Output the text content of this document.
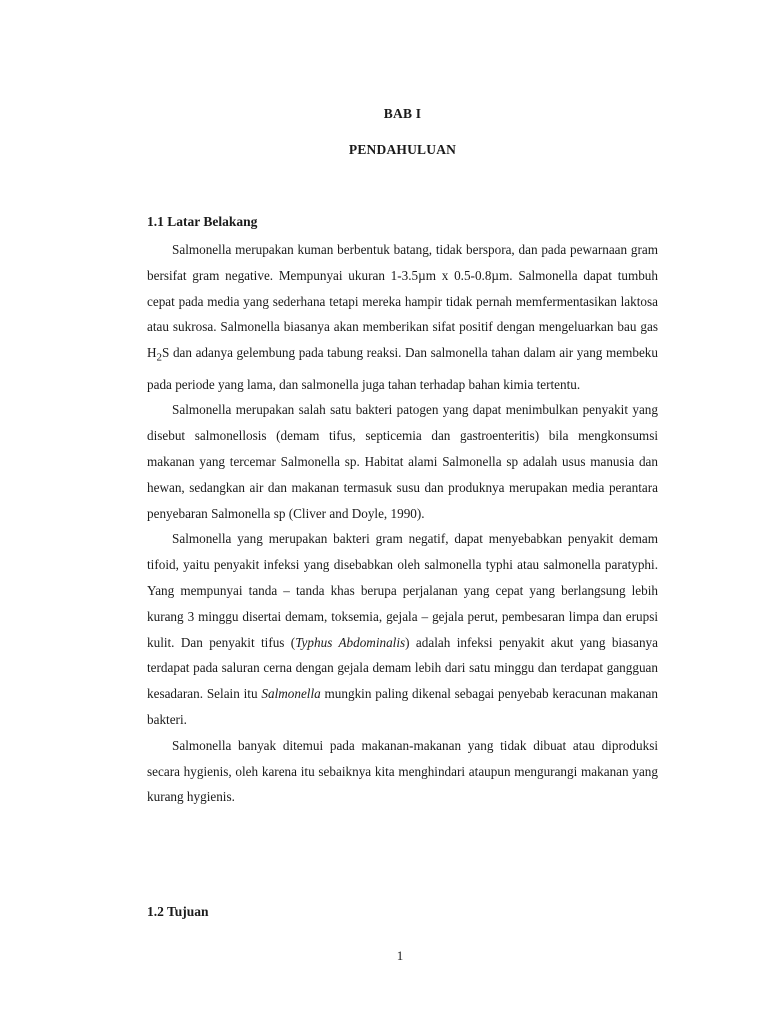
BAB I
PENDAHULUAN
1.1 Latar Belakang

Salmonella merupakan kuman berbentuk batang, tidak berspora, dan pada pewarnaan gram bersifat gram negative. Mempunyai ukuran 1-3.5µm x 0.5-0.8µm. Salmonella dapat tumbuh cepat pada media yang sederhana tetapi mereka hampir tidak pernah memfermentasikan laktosa atau sukrosa. Salmonella biasanya akan memberikan sifat positif dengan mengeluarkan bau gas $H_2S$ dan adanya gelembung pada tabung reaksi. Dan salmonella tahan dalam air yang membeku pada periode yang lama, dan salmonella juga tahan terhadap bahan kimia tertentu.

Salmonella merupakan salah satu bakteri patogen yang dapat menimbulkan penyakit yang disebut salmonellosis (demam tifus, septicemia dan gastroenteritis) bila mengkonsumsi makanan yang tercemar Salmonella sp. Habitat alami Salmonella sp adalah usus manusia dan hewan, sedangkan air dan makanan termasuk susu dan produknya merupakan media perantara penyebaran Salmonella sp (Cliver and Doyle, 1990).

Salmonella yang merupakan bakteri gram negatif, dapat menyebabkan penyakit demam tifoid, yaitu penyakit infeksi yang disebabkan oleh salmonella typhi atau salmonella paratyphi. Yang mempunyai tanda – tanda khas berupa perjalanan yang cepat yang berlangsung lebih kurang 3 minggu disertai demam, toksemia, gejala – gejala perut, pembesaran limpa dan erupsi kulit. Dan penyakit tifus (Typhus Abdominalis) adalah infeksi penyakit akut yang biasanya terdapat pada saluran cerna dengan gejala demam lebih dari satu minggu dan terdapat gangguan kesadaran. Selain itu Salmonella mungkin paling dikenal sebagai penyebab keracunan makanan bakteri.

Salmonella banyak ditemui pada makanan-makanan yang tidak dibuat atau diproduksi secara hygienis, oleh karena itu sebaiknya kita menghindari ataupun mengurangi makanan yang kurang hygienis.

1.2 Tujuan
1
